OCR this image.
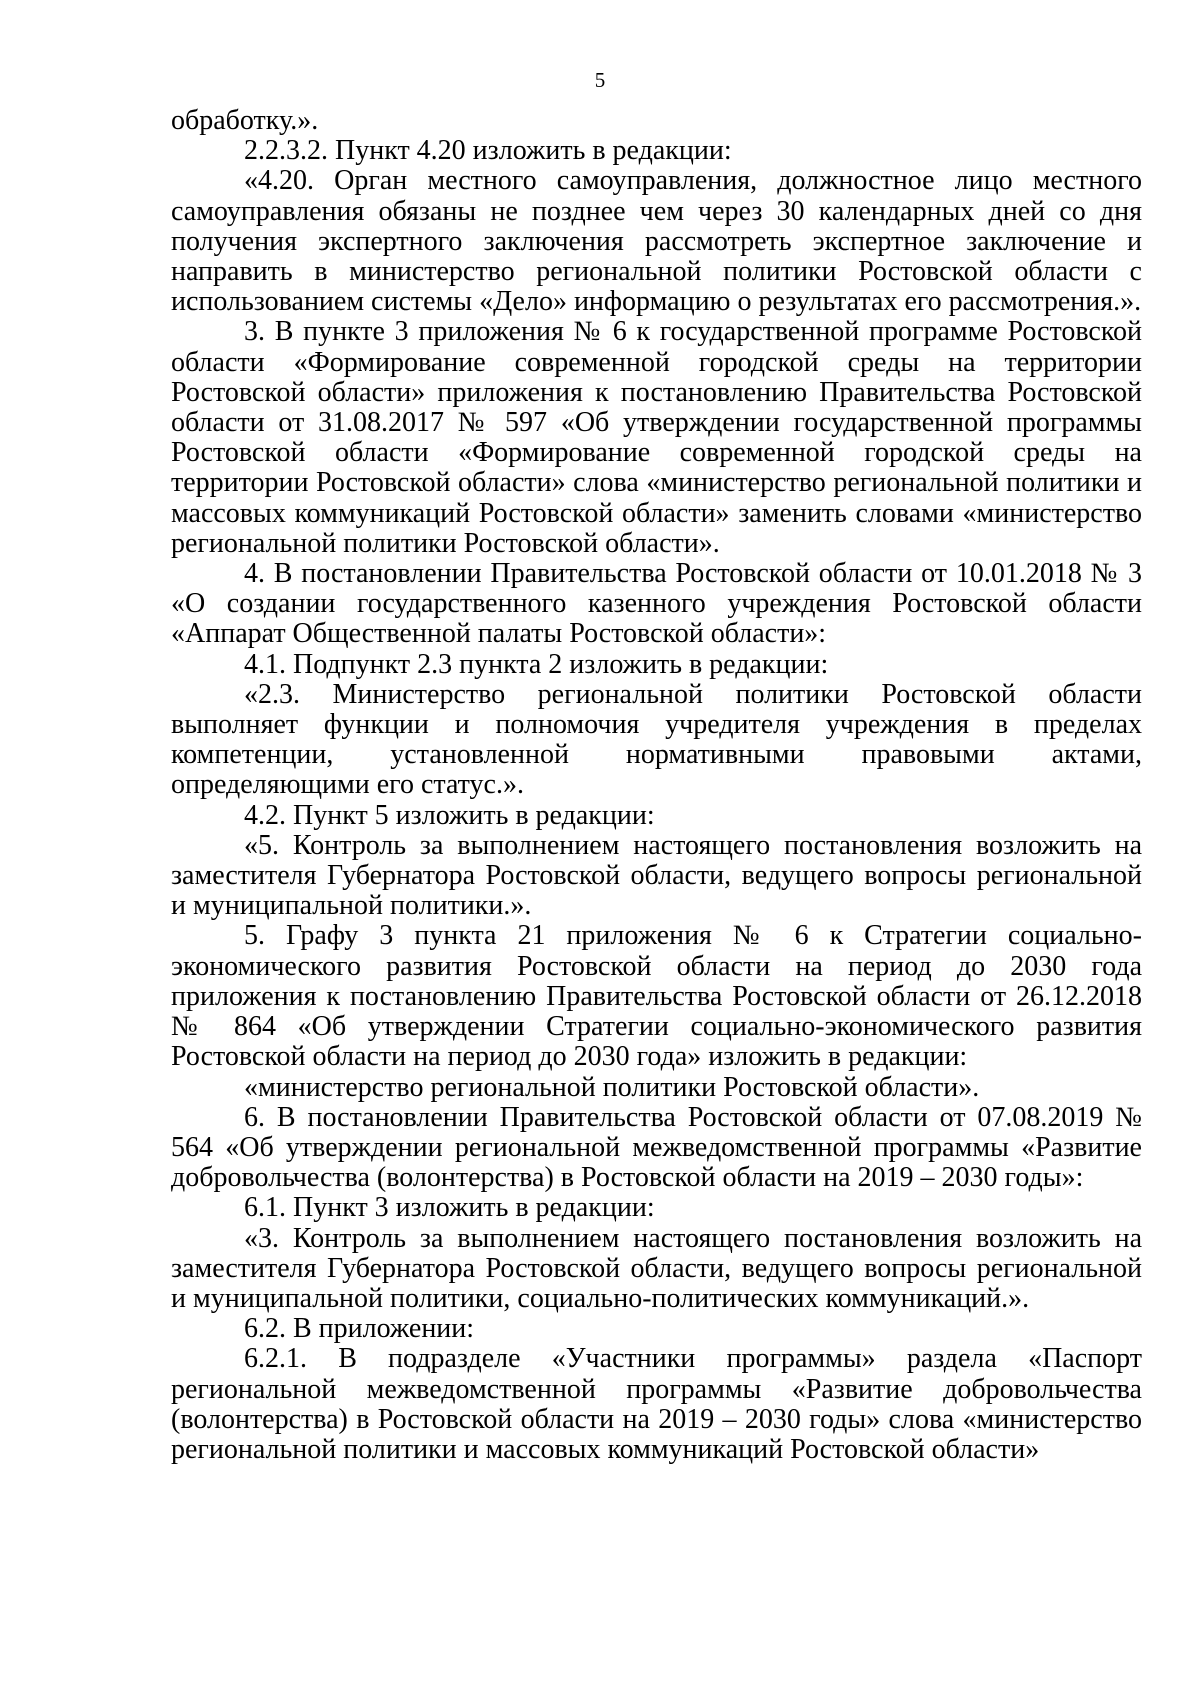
5

обработку.».

2.2.3.2. Пункт 4.20 изложить в редакции:

«4.20. Орган местного самоуправления, должностное лицо местного самоуправления обязаны не позднее чем через 30 календарных дней со дня получения экспертного заключения рассмотреть экспертное заключение и направить в министерство региональной политики Ростовской области с использованием системы «Дело» информацию о результатах его рассмотрения.».

3. В пункте 3 приложения № 6 к государственной программе Ростовской области «Формирование современной городской среды на территории Ростовской области» приложения к постановлению Правительства Ростовской области от 31.08.2017 № 597 «Об утверждении государственной программы Ростовской области «Формирование современной городской среды на территории Ростовской области» слова «министерство региональной политики и массовых коммуникаций Ростовской области» заменить словами «министерство региональной политики Ростовской области».

4. В постановлении Правительства Ростовской области от 10.01.2018 № 3 «О создании государственного казенного учреждения Ростовской области «Аппарат Общественной палаты Ростовской области»:

4.1. Подпункт 2.3 пункта 2 изложить в редакции:

«2.3. Министерство региональной политики Ростовской области выполняет функции и полномочия учредителя учреждения в пределах компетенции, установленной нормативными правовыми актами, определяющими его статус.».

4.2. Пункт 5 изложить в редакции:

«5. Контроль за выполнением настоящего постановления возложить на заместителя Губернатора Ростовской области, ведущего вопросы региональной и муниципальной политики.».

5. Графу 3 пункта 21 приложения № 6 к Стратегии социально-экономического развития Ростовской области на период до 2030 года приложения к постановлению Правительства Ростовской области от 26.12.2018 № 864 «Об утверждении Стратегии социально-экономического развития Ростовской области на период до 2030 года» изложить в редакции:

«министерство региональной политики Ростовской области».

6. В постановлении Правительства Ростовской области от 07.08.2019 № 564 «Об утверждении региональной межведомственной программы «Развитие добровольчества (волонтерства) в Ростовской области на 2019 – 2030 годы»:

6.1. Пункт 3 изложить в редакции:

«3. Контроль за выполнением настоящего постановления возложить на заместителя Губернатора Ростовской области, ведущего вопросы региональной и муниципальной политики, социально-политических коммуникаций.».

6.2. В приложении:

6.2.1. В подразделе «Участники программы» раздела «Паспорт региональной межведомственной программы «Развитие добровольчества (волонтерства) в Ростовской области на 2019 – 2030 годы» слова «министерство региональной политики и массовых коммуникаций Ростовской области»
